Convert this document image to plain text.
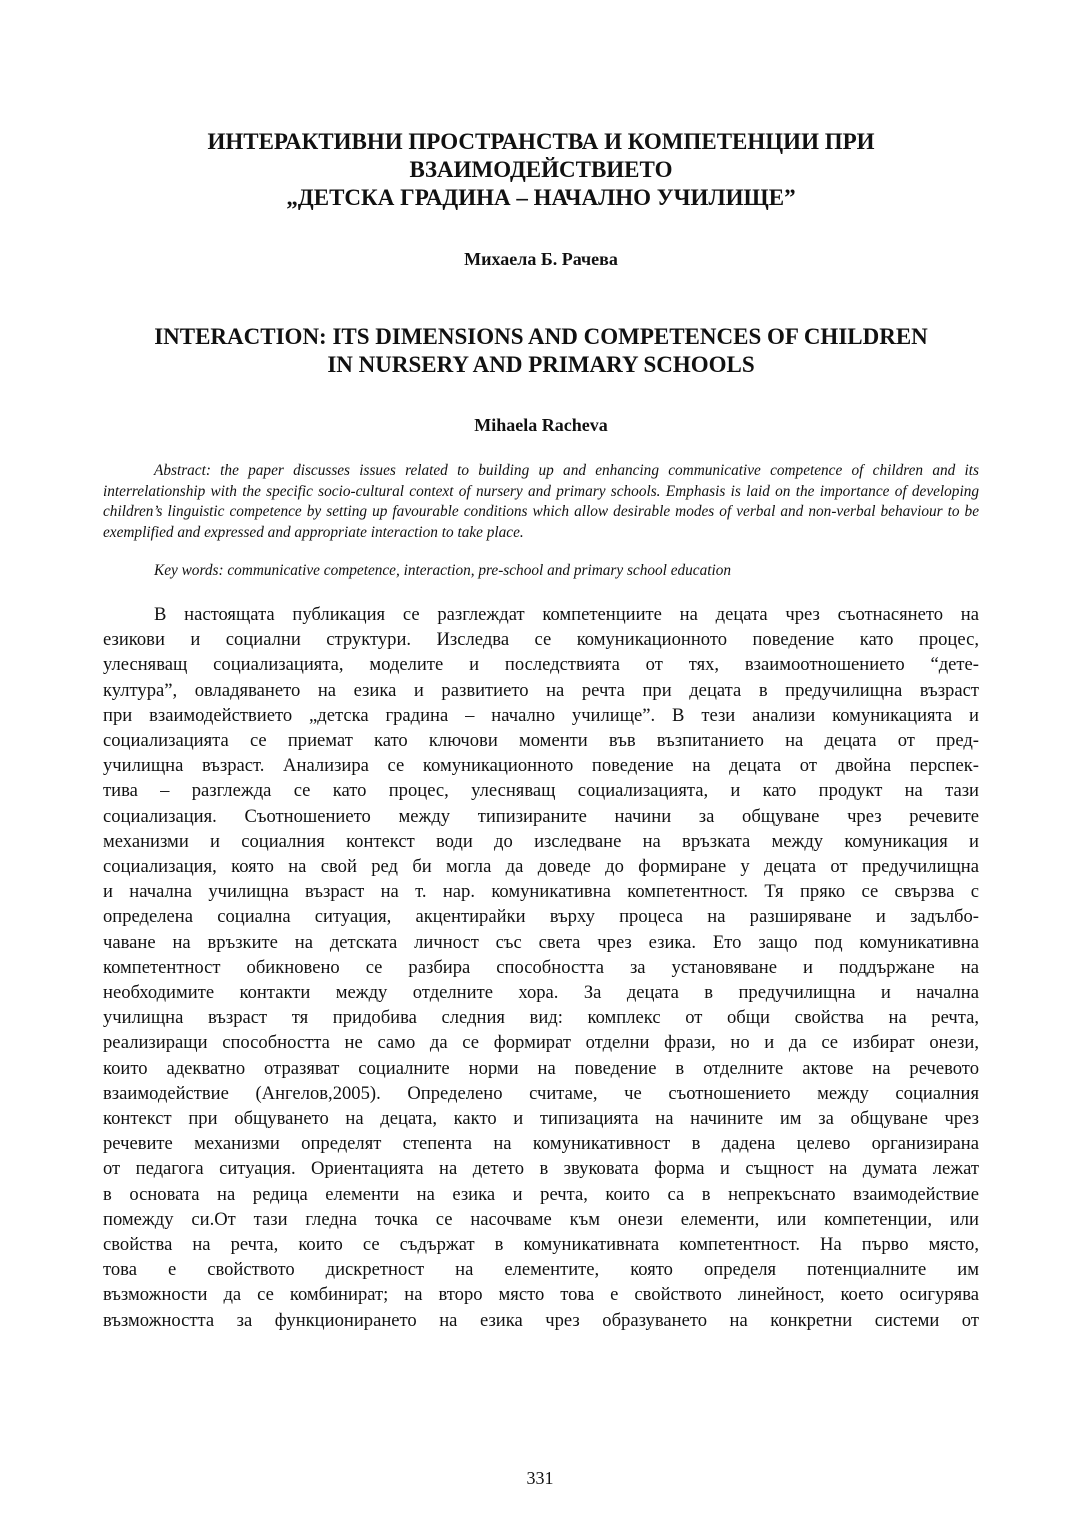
ИНТЕРАКТИВНИ ПРОСТРАНСТВА И КОМПЕТЕНЦИИ ПРИ
ВЗАИМОДЕЙСТВИЕТО
„ДЕТСКА ГРАДИНА – НАЧАЛНО УЧИЛИЩЕ”
Михаела Б. Рачева
INTERACTION: ITS DIMENSIONS AND COMPETENCES OF CHILDREN
IN NURSERY AND PRIMARY SCHOOLS
Mihaela Racheva

Abstract: the paper discusses issues related to building up and enhancing communicative competence of children and its interrelationship with the specific socio-cultural context of nursery and primary schools. Emphasis is laid on the importance of developing children’s linguistic competence by setting up favourable conditions which allow desirable modes of verbal and non-verbal behaviour to be exemplified and expressed and appropriate interaction to take place.

Key words: communicative competence, interaction, pre-school and primary school education

В настоящата публикация се разглеждат компетенциите на децата чрез съотнасянето на
езикови и социални структури. Изследва се комуникационното поведение като процес,
улесняващ социализацията, моделите и последствията от тях, взаимоотношението “дете-
култура”, овладяването на езика и развитието на речта при децата в предучилищна възраст
при взаимодействието „детска градина – начално училище”. В тези анализи комуникацията и
социализацията се приемат като ключови моменти във възпитанието на децата от пред-
училищна възраст. Анализира се комуникационното поведение на децата от двойна перспек-
тива – разглежда се като процес, улесняващ социализацията, и като продукт на тази
социализация. Съотношението между типизираните начини за общуване чрез речевите
механизми и социалния контекст води до изследване на връзката между комуникация и
социализация, която на свой ред би могла да доведе до формиране у децата от предучилищна
и начална училищна възраст на т. нар. комуникативна компетентност. Тя пряко се свързва с
определена социална ситуация, акцентирайки върху процеса на разширяване и задълбо-
чаване на връзките на детската личност със света чрез езика. Ето защо под комуникативна
компетентност обикновено се разбира способността за установяване и поддържане на
необходимите контакти между отделните хора. За децата в предучилищна и начална
училищна възраст тя придобива следния вид: комплекс от общи свойства на речта,
реализиращи способността не само да се формират отделни фрази, но и да се избират онези,
които адекватно отразяват социалните норми на поведение в отделните актове на речевото
взаимодействие (Ангелов,2005). Определено считаме, че съотношението между социалния
контекст при общуването на децата, както и типизацията на начините им за общуване чрез
речевите механизми определят степента на комуникативност в дадена целево организирана
от педагога ситуация. Ориентацията на детето в звуковата форма и същност на думата лежат
в основата на редица елементи на езика и речта, които са в непрекъснато взаимодействие
помежду си.От тази гледна точка се насочваме към онези елементи, или компетенции, или
свойства на речта, които се съдържат в комуникативната компетентност. На първо място,
това е свойството дискретност на елементите, която определя потенциалните им
възможности да се комбинират; на второ място това е свойството линейност, което осигурява
възможността за функционирането на езика чрез образуването на конкретни системи от
331
